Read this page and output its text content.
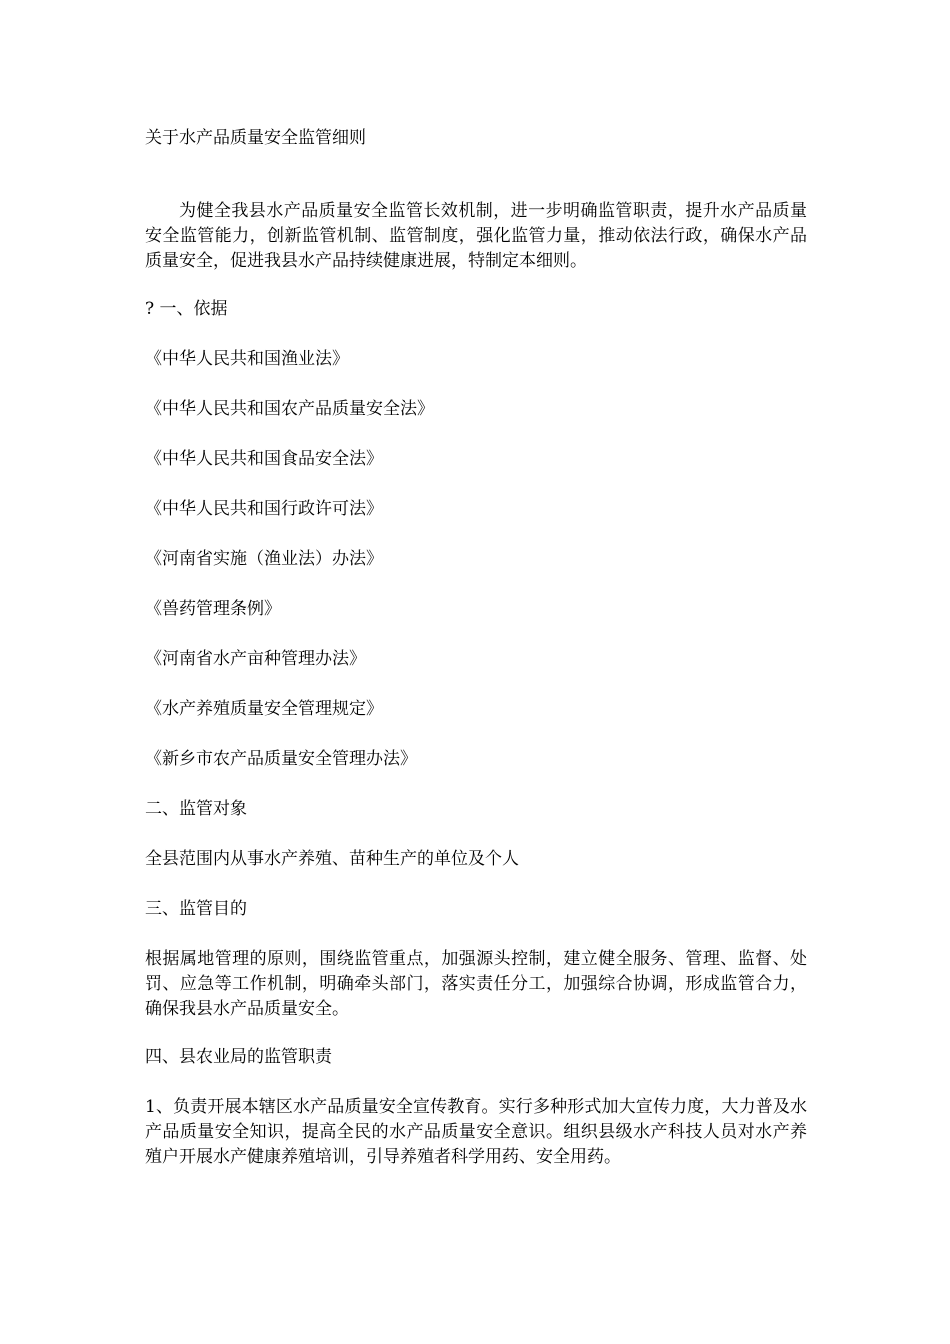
关于水产品质量安全监管细则
为健全我县水产品质量安全监管长效机制，进一步明确监管职责，提升水产品质量安全监管能力，创新监管机制、监管制度，强化监管力量，推动依法行政，确保水产品质量安全，促进我县水产品持续健康进展，特制定本细则。
? 一、依据
《中华人民共和国渔业法》
《中华人民共和国农产品质量安全法》
《中华人民共和国食品安全法》
《中华人民共和国行政许可法》
《河南省实施（渔业法）办法》
《兽药管理条例》
《河南省水产亩种管理办法》
《水产养殖质量安全管理规定》
《新乡市农产品质量安全管理办法》
二、监管对象
全县范围内从事水产养殖、苗种生产的单位及个人
三、监管目的
根据属地管理的原则，围绕监管重点，加强源头控制，建立健全服务、管理、监督、处罚、应急等工作机制，明确牵头部门，落实责任分工，加强综合协调，形成监管合力，确保我县水产品质量安全。
四、县农业局的监管职责
1、负责开展本辖区水产品质量安全宣传教育。实行多种形式加大宣传力度，大力普及水产品质量安全知识，提高全民的水产品质量安全意识。组织县级水产科技人员对水产养殖户开展水产健康养殖培训，引导养殖者科学用药、安全用药。
